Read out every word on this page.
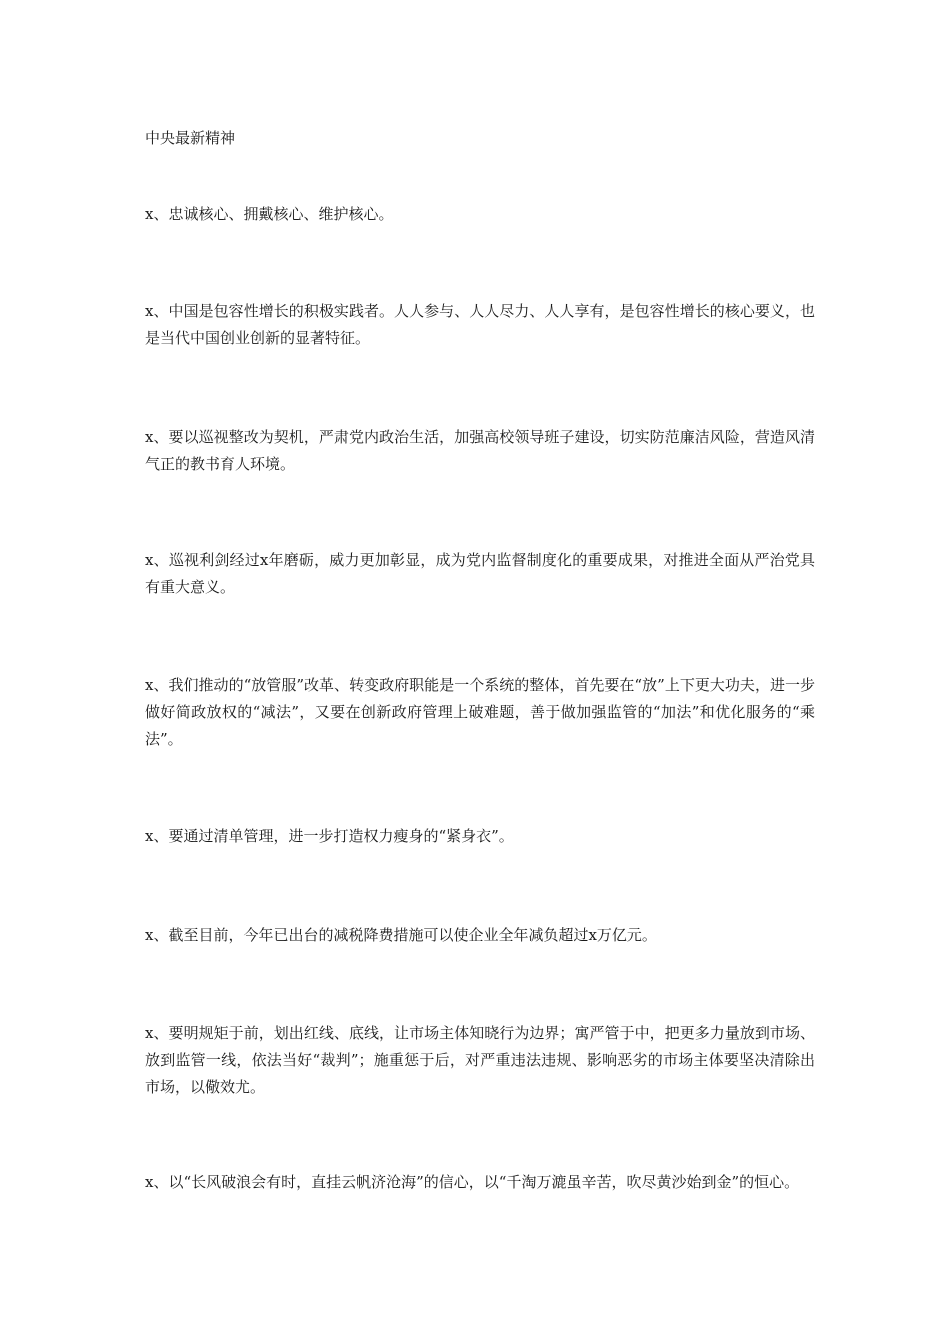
中央最新精神

x、忠诚核心、拥戴核心、维护核心。

x、中国是包容性增长的积极实践者。人人参与、人人尽力、人人享有，是包容性增长的核心要义，也是当代中国创业创新的显著特征。

x、要以巡视整改为契机，严肃党内政治生活，加强高校领导班子建设，切实防范廉洁风险，营造风清气正的教书育人环境。

x、巡视利剑经过x年磨砺，威力更加彰显，成为党内监督制度化的重要成果，对推进全面从严治党具有重大意义。

x、我们推动的“放管服”改革、转变政府职能是一个系统的整体，首先要在“放”上下更大功夫，进一步做好简政放权的“减法”，又要在创新政府管理上破难题，善于做加强监管的“加法”和优化服务的“乘法”。

x、要通过清单管理，进一步打造权力瘦身的“紧身衣”。

x、截至目前，今年已出台的减税降费措施可以使企业全年减负超过x万亿元。

x、要明规矩于前，划出红线、底线，让市场主体知晓行为边界；寓严管于中，把更多力量放到市场、放到监管一线，依法当好“裁判”；施重惩于后，对严重违法违规、影响恶劣的市场主体要坚决清除出市场，以儆效尤。

x、以“长风破浪会有时，直挂云帆济沧海”的信心，以“千淘万漉虽辛苦，吹尽黄沙始到金”的恒心。
